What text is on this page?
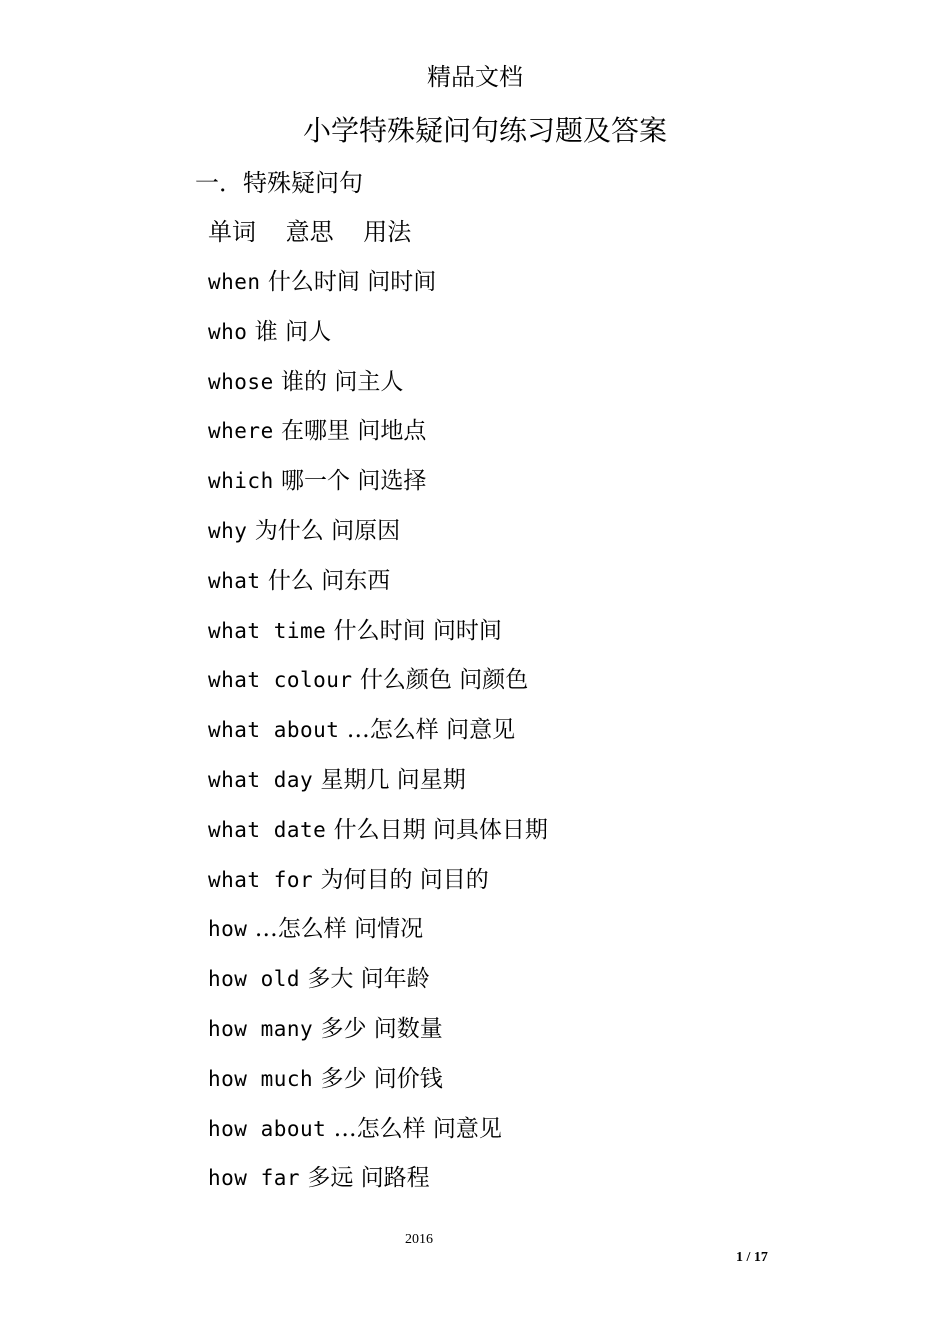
精品文档
小学特殊疑问句练习题及答案
一．特殊疑问句
单词 意思 用法
when 什么时间 问时间
who 谁 问人
whose 谁的 问主人
where 在哪里 问地点
which 哪一个 问选择
why 为什么 问原因
what 什么 问东西
what time 什么时间 问时间
what colour 什么颜色 问颜色
what about …怎么样 问意见
what day 星期几 问星期
what date 什么日期 问具体日期
what for 为何目的 问目的
how …怎么样 问情况
how old 多大 问年龄
how many 多少 问数量
how much 多少 问价钱
how about …怎么样 问意见
how far 多远 问路程
2016
1 / 17
